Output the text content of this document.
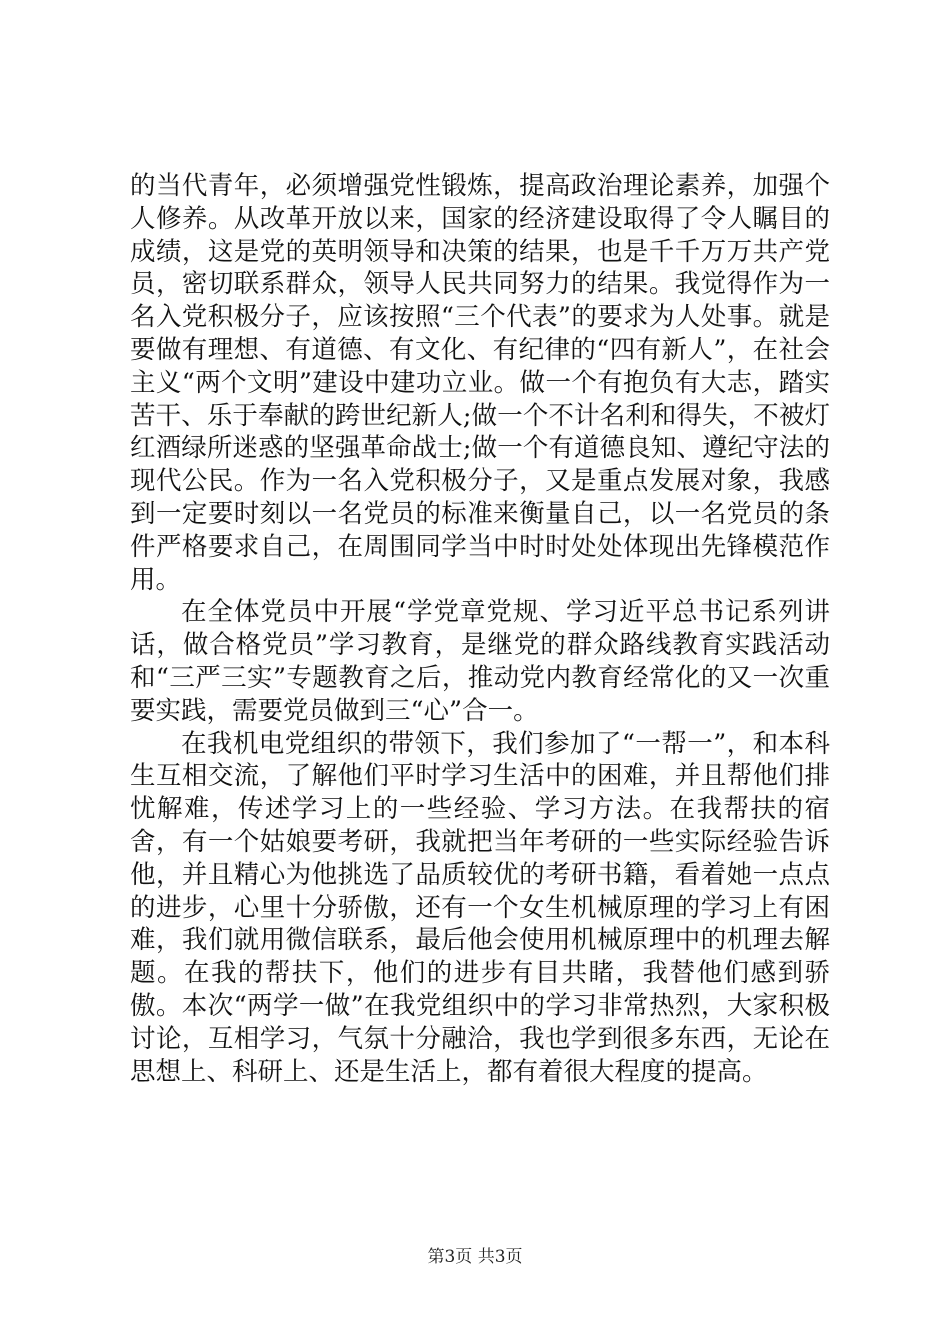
的当代青年，必须增强党性锻炼，提高政治理论素养，加强个人修养。从改革开放以来，国家的经济建设取得了令人瞩目的成绩，这是党的英明领导和决策的结果，也是千千万万共产党员，密切联系群众，领导人民共同努力的结果。我觉得作为一名入党积极分子，应该按照“三个代表”的要求为人处事。就是要做有理想、有道德、有文化、有纪律的“四有新人”，在社会主义“两个文明”建设中建功立业。做一个有抱负有大志，踏实苦干、乐于奉献的跨世纪新人;做一个不计名利和得失，不被灯红酒绿所迷惑的坚强革命战士;做一个有道德良知、遵纪守法的现代公民。作为一名入党积极分子，又是重点发展对象，我感到一定要时刻以一名党员的标准来衡量自己，以一名党员的条件严格要求自己，在周围同学当中时时处处体现出先锋模范作用。

在全体党员中开展“学党章党规、学习近平总书记系列讲话，做合格党员”学习教育，是继党的群众路线教育实践活动和“三严三实”专题教育之后，推动党内教育经常化的又一次重要实践，需要党员做到三“心”合一。

在我机电党组织的带领下，我们参加了“一帮一”，和本科生互相交流，了解他们平时学习生活中的困难，并且帮他们排忧解难，传述学习上的一些经验、学习方法。在我帮扶的宿舍，有一个姑娘要考研，我就把当年考研的一些实际经验告诉他，并且精心为他挑选了品质较优的考研书籍，看着她一点点的进步，心里十分骄傲，还有一个女生机械原理的学习上有困难，我们就用微信联系，最后他会使用机械原理中的机理去解题。在我的帮扶下，他们的进步有目共睹，我替他们感到骄傲。本次“两学一做”在我党组织中的学习非常热烈，大家积极讨论，互相学习，气氛十分融洽，我也学到很多东西，无论在思想上、科研上、还是生活上，都有着很大程度的提高。

第3页 共3页
